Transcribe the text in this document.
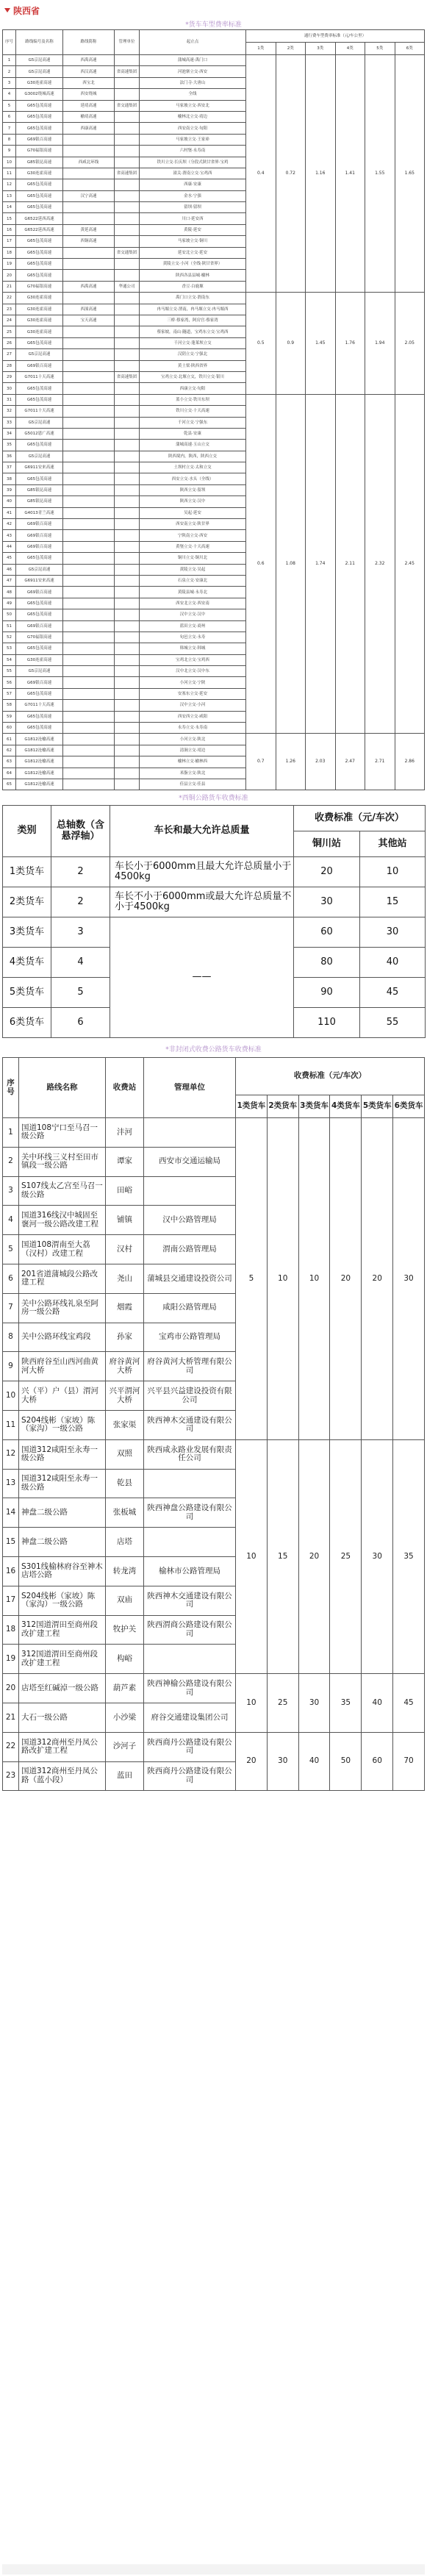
陕西省
*货车车型费率标准
序号	路线编号及名称	路线简称	管理单位	起止点	通行费车型费率标准（元/车公里）					
					1类	2类	3类	4类	5类	6类
1	G5京昆高速	西禹高速		蒲城高速·禹门口	0.4	0.72	1.16	1.41	1.55	1.65
2	G5京昆高速	西汉高速	省高速集团	河池寨立交·西安						
3	G30连霍高速	西宝北		法门寺·大唐山						
4	G3002绕城高速	西安绕城		全线						
5	G65包茂高速	延靖高速	省交通集团	马家坡立交·西安北						
6	G65包茂高速	榆靖高速		榆林北立交·靖边						
7	G65包茂高速	西康高速		西安南立交·旬阳						
8	G69银百高速			马家坡立交·王家峁						
9	G70福银高速			六村堡·永寿南						
10	G85银昆高速	西咸北环线		铁川立交·长庆坝（分段式陕甘省界·宝鸡						
11	G30连霍高速		省高速集团	潼关·渭南立交·宝鸡西						
12	G65包茂高速			西康·安康						
13	G65包茂高速	汉宁高速		金水·宁强						
14	G65包茂高速			留坝·留坝						
15	G6522延西高速			川口·延安西						
16	G6522延西高速	黄延高速		黄陵·延安						
17	G65包茂高速	西铜高速		马家坡立交·铜川						
18	G65包茂高速		省交通集团	延安北立交·延安						
19	G65包茂高速			黄陵立交·小河（全线·陕甘省界）						
20	G65包茂高速			陕西各县县城·榆林						
21	G70福银高速	西禹高速	华通公司	香豆·白鹿塬						
22	G30连霍高速			禹门口立交·渭南东	0.5	0.9	1.45	1.76	1.94	2.05
23	G30连霍高速	西潼高速		冉马塬立交·渭南，冉马塬立交·冉马塬西						
24	G30连霍高速	宝天高速		三桥·蔡家湾，阿房宫·蔡家湾						
25	G30连霍高速			蔡家坡，南山·隧道，宝鸡东立交·宝鸡西						
26	G65包茂高速			千河立交·蓬莱坝立交						
27	G5京昆高速			汉阴立交·宁强北						
28	G69银百高速			黄土梁·陕西省界						
29	G7011十天高速		省高速集团	宝鸡立交·北塬立交，铁川立交·银川						
30	G65包茂高速			西康立交·旬阳						
31	G65包茂高速			蓝小立交·铁川东坝	0.6	1.08	1.74	2.11	2.32	2.45
32	G7011十天高速			铁川立交·十天高速						
33	G5京昆高速			千河立交·宁强东						
34	G5012恩广高速			乾县·安康						
35	G65包茂高速			蒲城高速·玉山立交						
36	G5京昆高速			陕西境内，陕西，陕西立交						
37	G6911安来高速			土坝村立交·太和立交						
38	G65包茂高速			西安立交·水头（全线）						
39	G85银昆高速			陕西立交·留坝						
40	G85银昆高速			陕西立交·汉中						
41	G4013青兰高速			吴起·延安						
42	G69银百高速			西安南立交·陕甘界						
43	G69银百高速			宁陕南立交·西安						
44	G69银百高速			黄堡立交·十天高速						
45	G65包茂高速			铜川立交·铜川北						
46	G5京昆高速			黄陵立交·吴起						
47	G6911安来高速			石泉立交·安康北						
48	G69银百高速			黄陵县城·永寿北						
49	G65包茂高速			西安北立交·西安南						
50	G65包茂高速			汉中立交·汉中						
51	G69银百高速			蓝田立交·商州						
52	G70福银高速			旬邑立交·永寿						
53	G65包茂高速			韩城立交·韩城						
54	G30连霍高速			宝鸡北立交·宝鸡西						
55	G5京昆高速			汉中北立交·汉中东						
56	G69银百高速			小河立交·宁陕						
57	G65包茂高速			安塞东立交·延安						
58	G7011十天高速			汉中立交·小河						
59	G65包茂高速			西安西立交·咸阳						
60	G65包茂高速			永寿立交·永寿南						
61	G1812沧榆高速			小河立交·陕北	0.7	1.26	2.03	2.47	2.71	2.86
62	G1812沧榆高速			清涧立交·靖边						
63	G1812沧榆高速			榆林立交·榆林西						
64	G1812沧榆高速			米脂立交·陕北						
65	G1812沧榆高速			佳县立交·佳县						
*西铜公路货车收费标准
类别	总轴数（含悬浮轴）	车长和最大允许总质量	收费标准（元/车次）	
			铜川站	其他站
1类货车	2	车长小于6000mm且最大允许总质量小于4500kg	20	10
2类货车	2	车长不小于6000mm或最大允许总质量不小于4500kg	30	15
3类货车	3	——	60	30
4类货车	4		80	40
5类货车	5		90	45
6类货车	6		110	55
*非封闭式收费公路货车收费标准
序号	路线名称	收费站	管理单位	收费标准（元/车次）					
				1类货车	2类货车	3类货车	4类货车	5类货车	6类货车
1	国道108宁口至马召一级公路	沣河		5	10	10	20	20	30
2	关中环线三义村至田市镇段一级公路	谭家	西安市交通运输局						
3	S107线太乙宫至马召一级公路	田峪							
4	国道316线汉中城固至褒河一级公路改建工程	铺镇	汉中公路管理局						
5	国道108渭南至大荔（汉村）改建工程	汉村	渭南公路管理局						
6	201省道蒲城段公路改建工程	尧山	蒲城县交通建设投资公司						
7	关中公路环线礼泉至阿房一级公路	烟霞	咸阳公路管理局						
8	关中公路环线宝鸡段	孙家	宝鸡市公路管理局						
9	陕西府谷至山西河曲黄河大桥	府谷黄河大桥	府谷黄河大桥管理有限公司						
10	兴（平）户（县）渭河大桥	兴平渭河大桥	兴平县兴益建设投资有限公司						
11	S204线彬（家坡）陈（家沟）一级公路	张家渠	陕西神木交通建设有限公司						
12	国道312咸阳至永寿一级公路	双照	陕西咸永路业发展有限责任公司	10	15	20	25	30	35
13	国道312咸阳至永寿一级公路	乾县							
14	神盘二级公路	张板城	陕西神盘公路建设有限公司						
15	神盘二级公路	店塔							
16	S301线榆林府谷至神木店塔公路	转龙湾	榆林市公路管理局						
17	S204线彬（家坡）陈（家沟）一级公路	双庙	陕西神木交通建设有限公司						
18	312国道渭田至商州段改扩建工程	牧护关	陕西渭商公路建设有限公司						
19	312国道渭田至商州段改扩建工程	构峪							
20	店塔至红碱淖一级公路	葫芦素	陕西神榆公路建设有限公司	10	25	30	35	40	45
21	大石一级公路	小沙梁	府谷交通建设集团公司						
22	国道312商州至丹凤公路改扩建工程	沙河子	陕西商丹公路建设有限公司	20	30	40	50	60	70
23	国道312商州至丹凤公路（蓝小段）	蓝田	陕西商丹公路建设有限公司						
